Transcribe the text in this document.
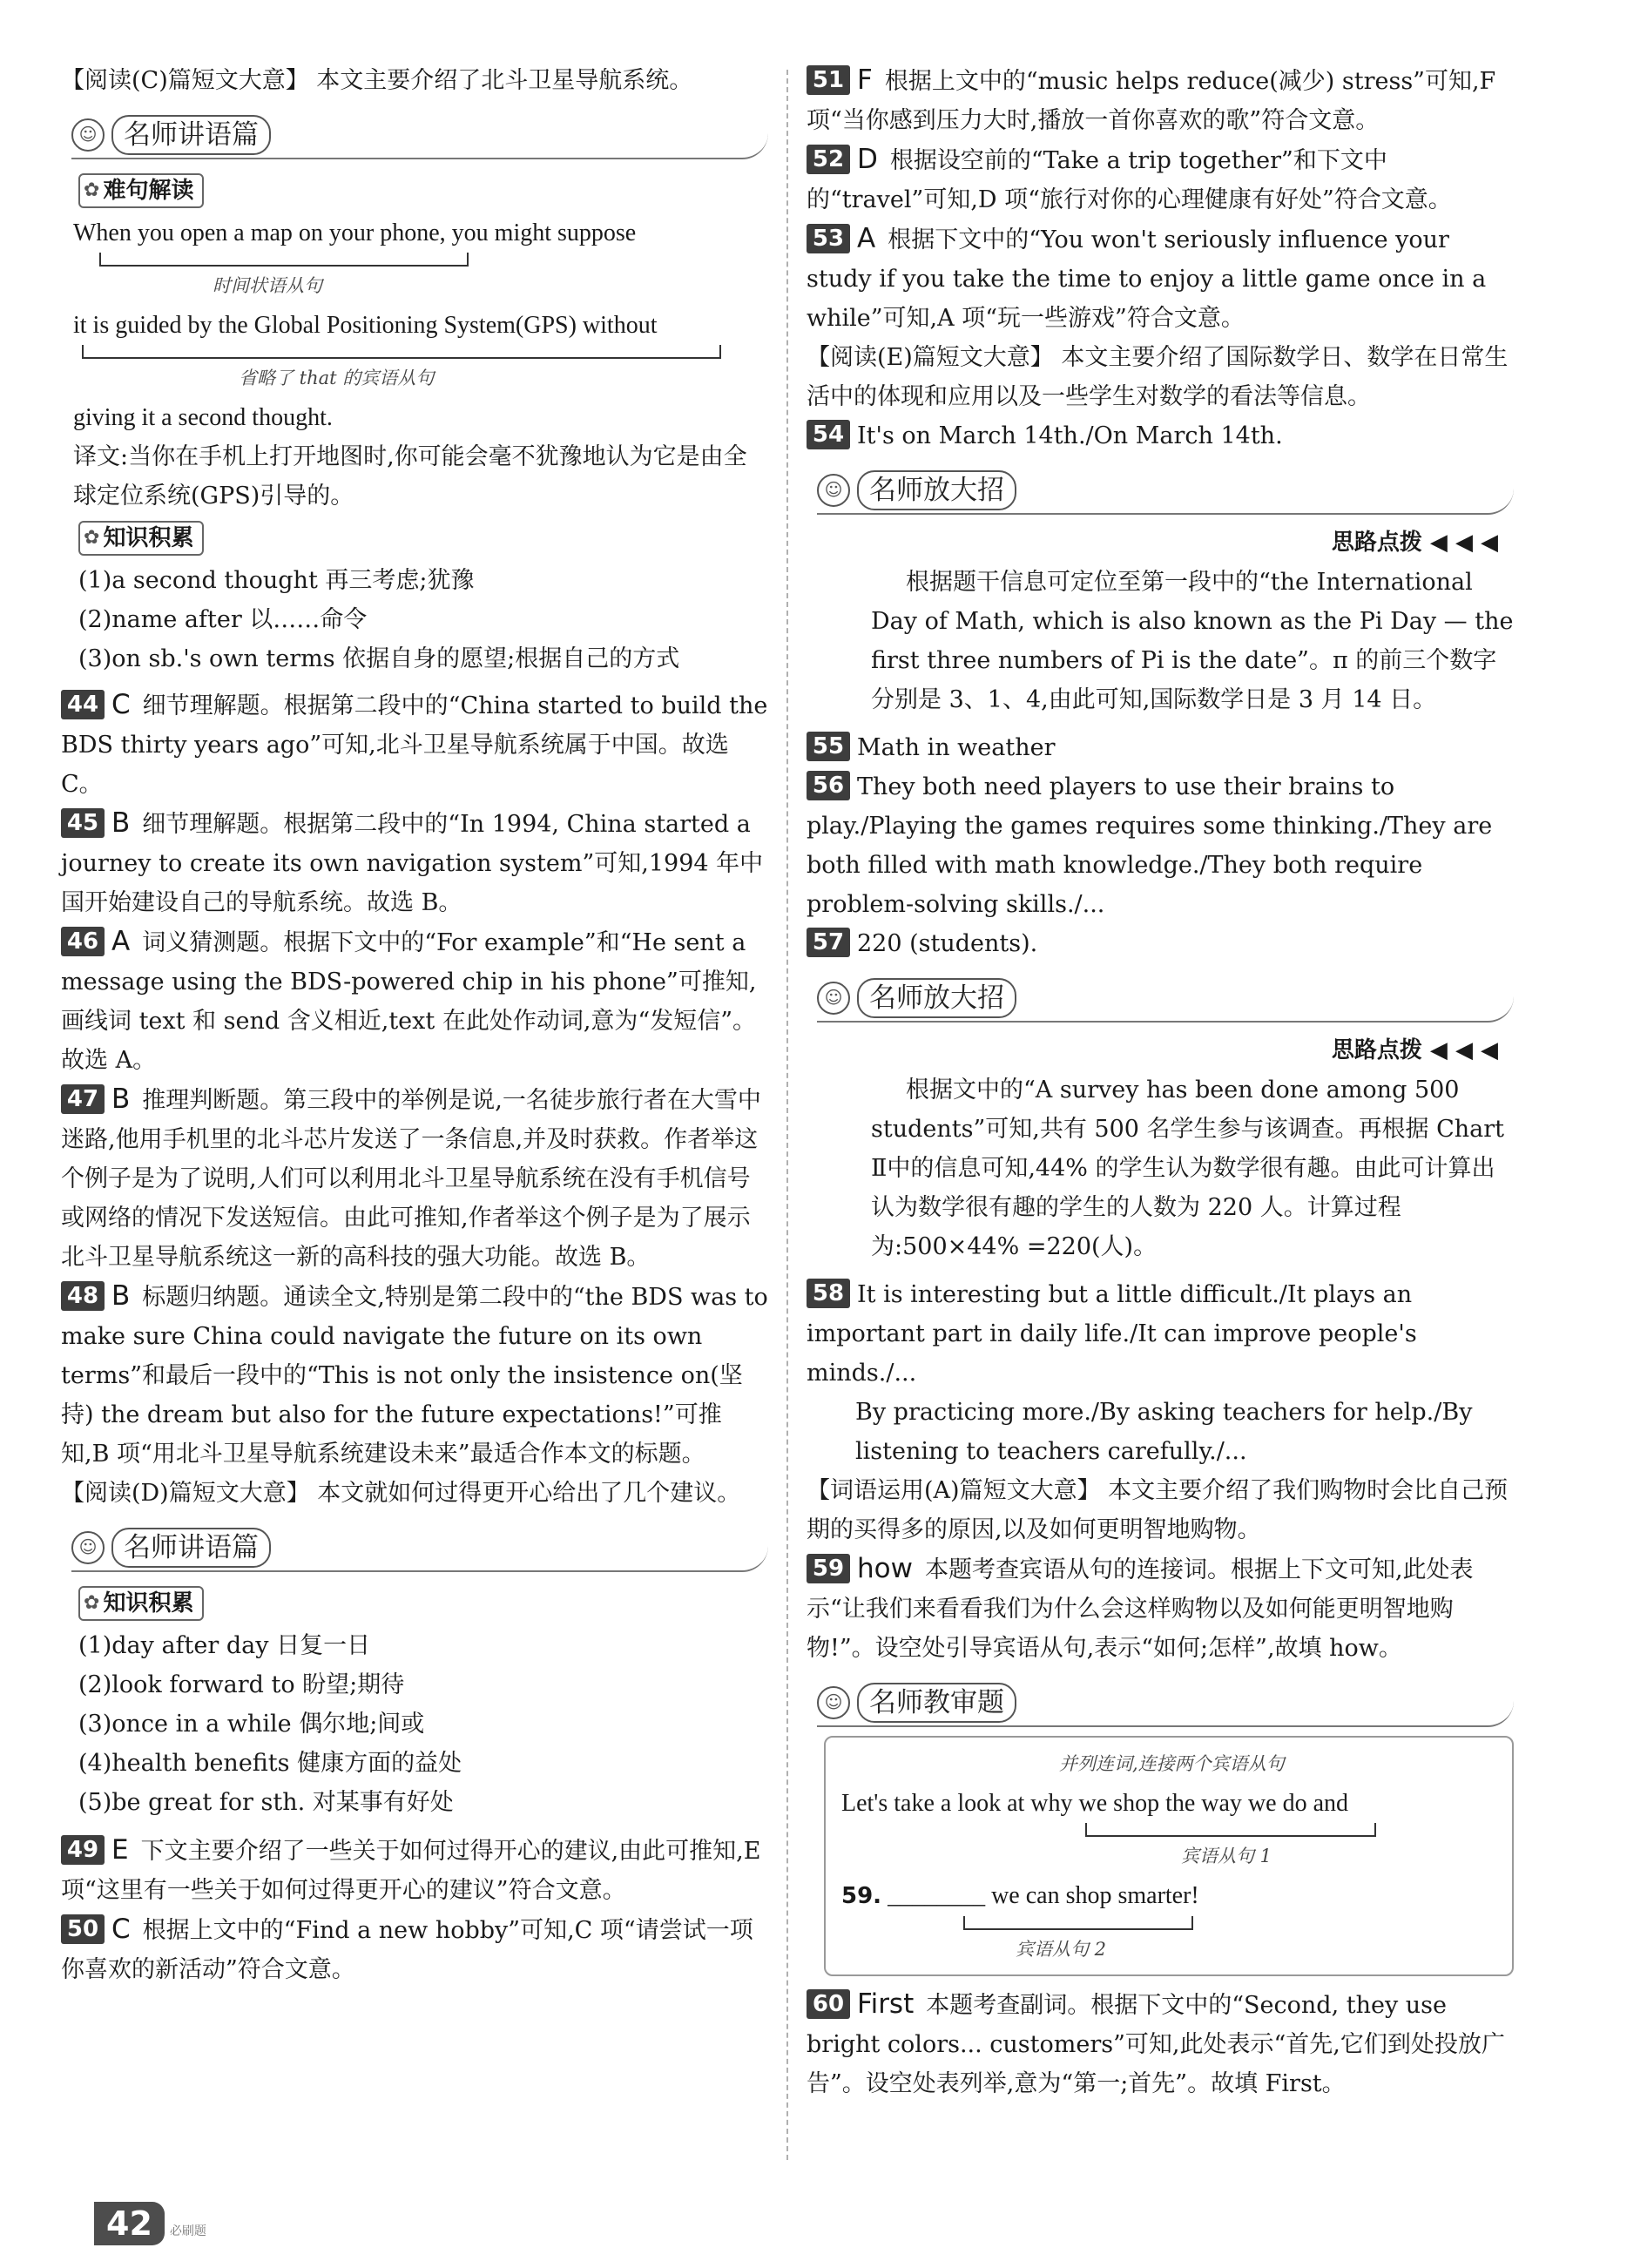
【阅读(C)篇短文大意】 本文主要介绍了北斗卫星导航系统。

☺ 名师讲语篇
✿ 难句解读
When you open a map on your phone, you might suppose
时间状语从句
it is guided by the Global Positioning System(GPS) without
省略了 that 的宾语从句
giving it a second thought.
译文:当你在手机上打开地图时,你可能会毫不犹豫地认为它是由全球定位系统(GPS)引导的。
✿ 知识积累
(1)a second thought 再三考虑;犹豫
(2)name after 以……命令
(3)on sb.'s own terms 依据自身的愿望;根据自己的方式

44 C 细节理解题。根据第二段中的“China started to build the BDS thirty years ago”可知,北斗卫星导航系统属于中国。故选 C。

45 B 细节理解题。根据第二段中的“In 1994, China started a journey to create its own navigation system”可知,1994 年中国开始建设自己的导航系统。故选 B。

46 A 词义猜测题。根据下文中的“For example”和“He sent a message using the BDS-powered chip in his phone”可推知,画线词 text 和 send 含义相近,text 在此处作动词,意为“发短信”。故选 A。

47 B 推理判断题。第三段中的举例是说,一名徒步旅行者在大雪中迷路,他用手机里的北斗芯片发送了一条信息,并及时获救。作者举这个例子是为了说明,人们可以利用北斗卫星导航系统在没有手机信号或网络的情况下发送短信。由此可推知,作者举这个例子是为了展示北斗卫星导航系统这一新的高科技的强大功能。故选 B。

48 B 标题归纳题。通读全文,特别是第二段中的“the BDS was to make sure China could navigate the future on its own terms”和最后一段中的“This is not only the insistence on(坚持) the dream but also for the future expectations!”可推知,B 项“用北斗卫星导航系统建设未来”最适合作本文的标题。

【阅读(D)篇短文大意】 本文就如何过得更开心给出了几个建议。

☺ 名师讲语篇
✿ 知识积累
(1)day after day 日复一日
(2)look forward to 盼望;期待
(3)once in a while 偶尔地;间或
(4)health benefits 健康方面的益处
(5)be great for sth. 对某事有好处

49 E 下文主要介绍了一些关于如何过得开心的建议,由此可推知,E 项“这里有一些关于如何过得更开心的建议”符合文意。

50 C 根据上文中的“Find a new hobby”可知,C 项“请尝试一项你喜欢的新活动”符合文意。

51 F 根据上文中的“music helps reduce(减少) stress”可知,F 项“当你感到压力大时,播放一首你喜欢的歌”符合文意。

52 D 根据设空前的“Take a trip together”和下文中的“travel”可知,D 项“旅行对你的心理健康有好处”符合文意。

53 A 根据下文中的“You won't seriously influence your study if you take the time to enjoy a little game once in a while”可知,A 项“玩一些游戏”符合文意。

【阅读(E)篇短文大意】 本文主要介绍了国际数学日、数学在日常生活中的体现和应用以及一些学生对数学的看法等信息。

54 It's on March 14th./On March 14th.

☺ 名师放大招
思路点拨 ◀ ◀ ◀

根据题干信息可定位至第一段中的“the International Day of Math, which is also known as the Pi Day — the first three numbers of Pi is the date”。π 的前三个数字分别是 3、1、4,由此可知,国际数学日是 3 月 14 日。

55 Math in weather

56 They both need players to use their brains to play./Playing the games requires some thinking./They are both filled with math knowledge./They both require problem-solving skills./...

57 220 (students).

☺ 名师放大招
思路点拨 ◀ ◀ ◀

根据文中的“A survey has been done among 500 students”可知,共有 500 名学生参与该调查。再根据 Chart Ⅱ中的信息可知,44% 的学生认为数学很有趣。由此可计算出认为数学很有趣的学生的人数为 220 人。计算过程为:500×44% =220(人)。

58 It is interesting but a little difficult./It plays an important part in daily life./It can improve people's minds./...

By practicing more./By asking teachers for help./By listening to teachers carefully./...

【词语运用(A)篇短文大意】 本文主要介绍了我们购物时会比自己预期的买得多的原因,以及如何更明智地购物。

59 how 本题考查宾语从句的连接词。根据上下文可知,此处表示“让我们来看看我们为什么会这样购物以及如何能更明智地购物!”。设空处引导宾语从句,表示“如何;怎样”,故填 how。

☺ 名师教审题
并列连词,连接两个宾语从句
Let's take a look at why we shop the way we do and
宾语从句 1
59. ________ we can shop smarter!
宾语从句 2

60 First 本题考查副词。根据下文中的“Second, they use bright colors... customers”可知,此处表示“首先,它们到处投放广告”。设空处表列举,意为“第一;首先”。故填 First。

42 必刷题
